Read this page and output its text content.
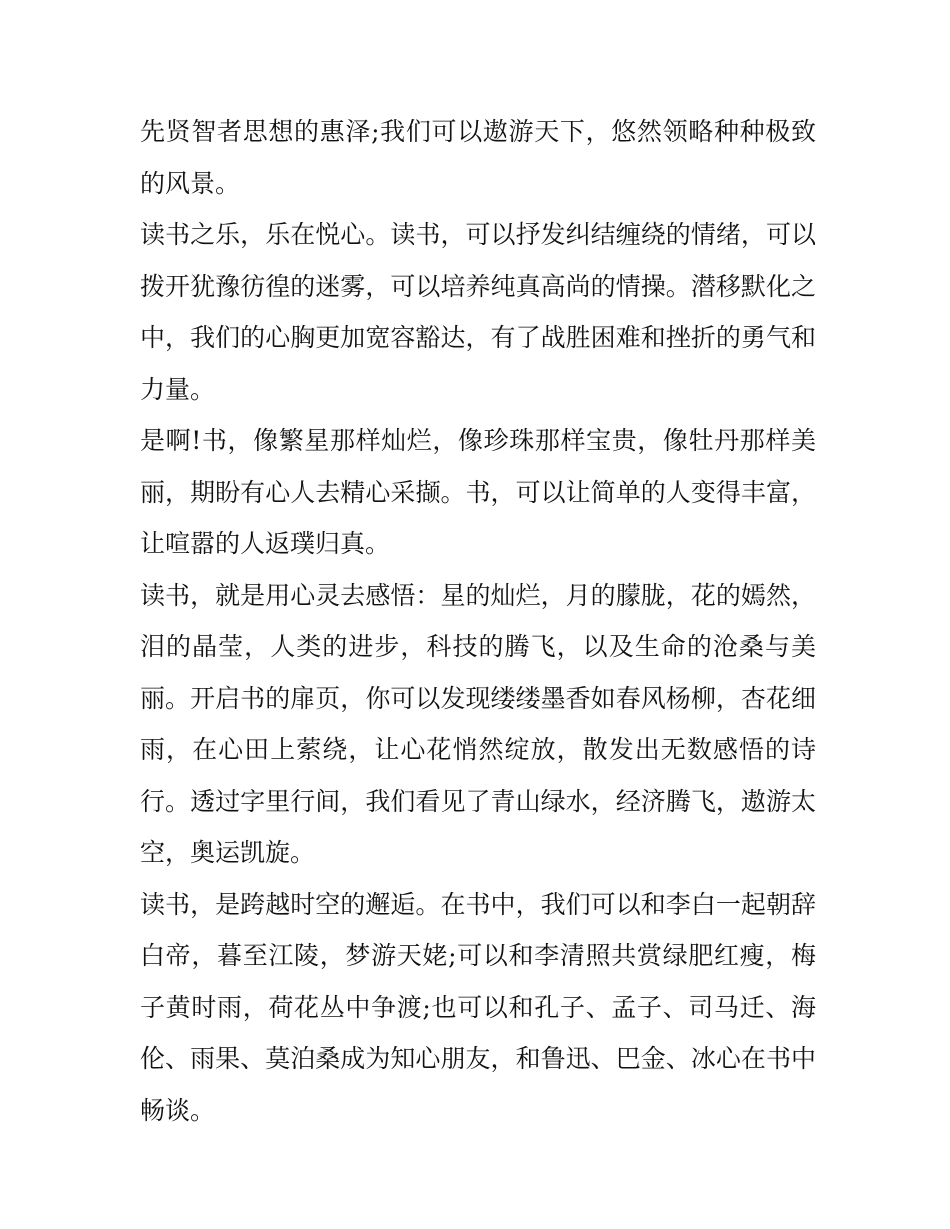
先贤智者思想的惠泽;我们可以遨游天下，悠然领略种种极致的风景。

读书之乐，乐在悦心。读书，可以抒发纠结缠绕的情绪，可以拨开犹豫彷徨的迷雾，可以培养纯真高尚的情操。潜移默化之中，我们的心胸更加宽容豁达，有了战胜困难和挫折的勇气和力量。

是啊!书，像繁星那样灿烂，像珍珠那样宝贵，像牡丹那样美丽，期盼有心人去精心采撷。书，可以让简单的人变得丰富，让喧嚣的人返璞归真。

读书，就是用心灵去感悟：星的灿烂，月的朦胧，花的嫣然，泪的晶莹，人类的进步，科技的腾飞，以及生命的沧桑与美丽。开启书的扉页，你可以发现缕缕墨香如春风杨柳，杏花细雨，在心田上萦绕，让心花悄然绽放，散发出无数感悟的诗行。透过字里行间，我们看见了青山绿水，经济腾飞，遨游太空，奥运凯旋。

读书，是跨越时空的邂逅。在书中，我们可以和李白一起朝辞白帝，暮至江陵，梦游天姥;可以和李清照共赏绿肥红瘦，梅子黄时雨，荷花丛中争渡;也可以和孔子、孟子、司马迁、海伦、雨果、莫泊桑成为知心朋友，和鲁迅、巴金、冰心在书中畅谈。
